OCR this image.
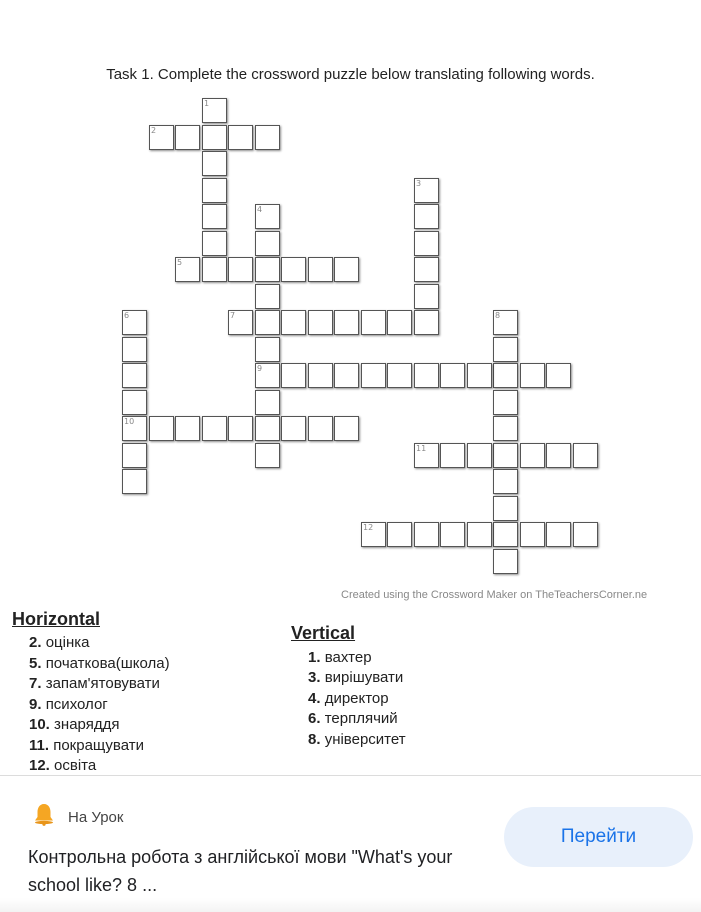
Task 1. Complete the crossword puzzle below translating following words.
1
2
3
4
5
6	7	8
9
10
11
12
Created using the Crossword Maker on TheTeachersCorner.ne
Horizontal
2. оцінка
5. початкова(школа)
7. запам'ятовувати
9. психолог
10. знаряддя
11. покращувати
12. освіта
Vertical
1. вахтер
3. вирішувати
4. директор
6. терплячий
8. університет
На Урок
Контрольна робота з англійської мови "What's your school like? 8 ...
Перейти
